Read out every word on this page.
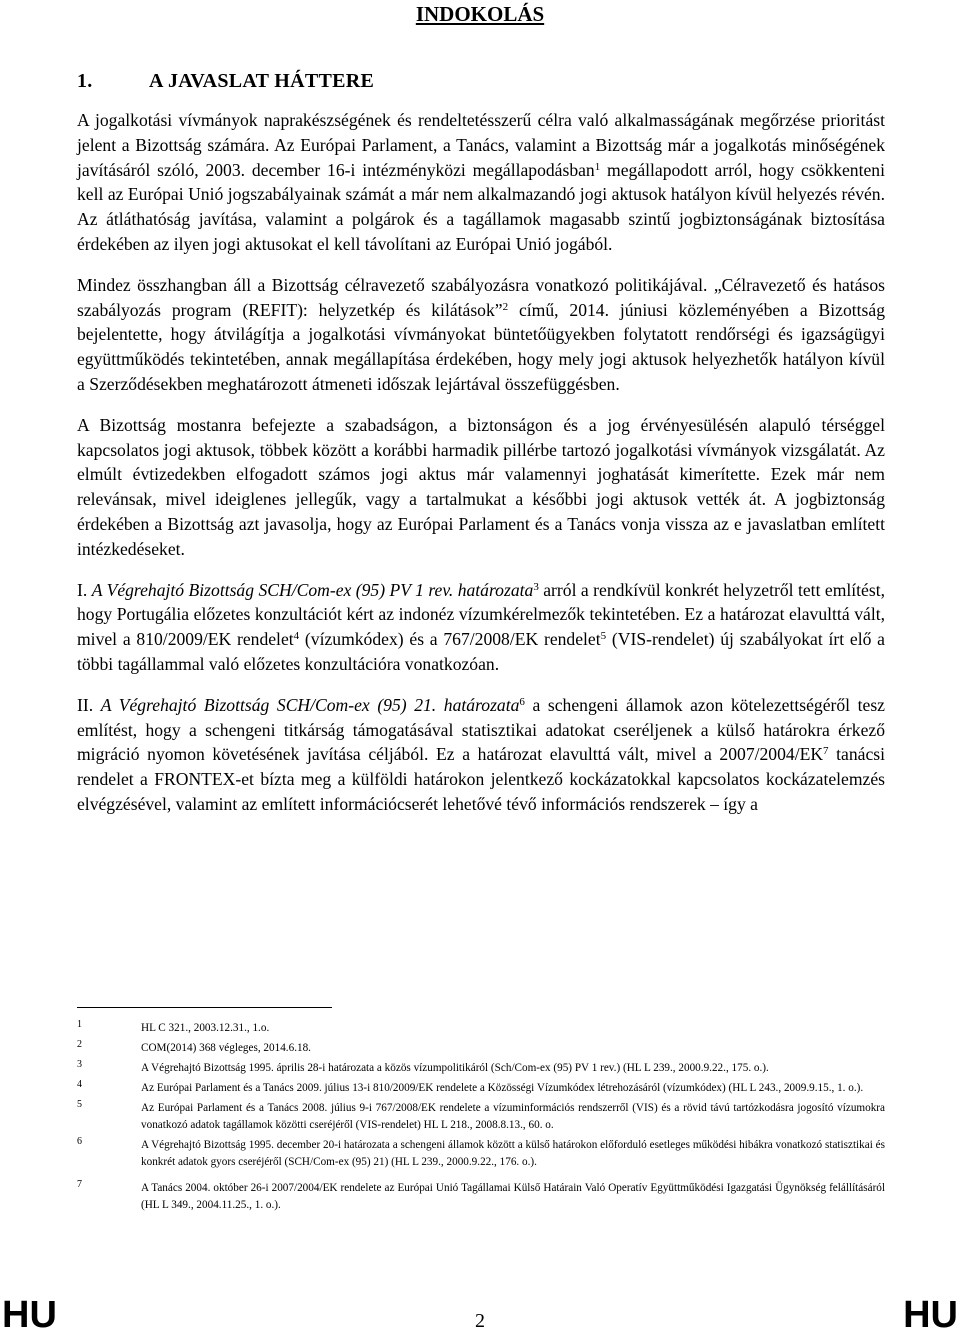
INDOKOLÁS
1.	A JAVASLAT HÁTTERE

A jogalkotási vívmányok naprakészségének és rendeltetésszerű célra való alkalmasságának megőrzése prioritást jelent a Bizottság számára. Az Európai Parlament, a Tanács, valamint a Bizottság már a jogalkotás minőségének javításáról szóló, 2003. december 16-i intézményközi megállapodásban$^1$ megállapodott arról, hogy csökkenteni kell az Európai Unió jogszabályainak számát a már nem alkalmazandó jogi aktusok hatályon kívül helyezés révén. Az átláthatóság javítása, valamint a polgárok és a tagállamok magasabb szintű jogbiztonságának biztosítása érdekében az ilyen jogi aktusokat el kell távolítani az Európai Unió jogából.

Mindez összhangban áll a Bizottság célravezető szabályozásra vonatkozó politikájával. „Célravezető és hatásos szabályozás program (REFIT): helyzetkép és kilátások”$^2$ című, 2014. júniusi közleményében a Bizottság bejelentette, hogy átvilágítja a jogalkotási vívmányokat büntetőügyekben folytatott rendőrségi és igazságügyi együttműködés tekintetében, annak megállapítása érdekében, hogy mely jogi aktusok helyezhetők hatályon kívül a Szerződésekben meghatározott átmeneti időszak lejártával összefüggésben.

A Bizottság mostanra befejezte a szabadságon, a biztonságon és a jog érvényesülésén alapuló térséggel kapcsolatos jogi aktusok, többek között a korábbi harmadik pillérbe tartozó jogalkotási vívmányok vizsgálatát. Az elmúlt évtizedekben elfogadott számos jogi aktus már valamennyi joghatását kimerítette. Ezek már nem relevánsak, mivel ideiglenes jellegűk, vagy a tartalmukat a későbbi jogi aktusok vették át. A jogbiztonság érdekében a Bizottság azt javasolja, hogy az Európai Parlament és a Tanács vonja vissza az e javaslatban említett intézkedéseket.

I. A Végrehajtó Bizottság SCH/Com-ex (95) PV 1 rev. határozata$^3$ arról a rendkívül konkrét helyzetről tett említést, hogy Portugália előzetes konzultációt kért az indonéz vízumkérelmezők tekintetében. Ez a határozat elavulttá vált, mivel a 810/2009/EK rendelet$^4$ (vízumkódex) és a 767/2008/EK rendelet$^5$ (VIS-rendelet) új szabályokat írt elő a többi tagállammal való előzetes konzultációra vonatkozóan.

II. A Végrehajtó Bizottság SCH/Com-ex (95) 21. határozata$^6$ a schengeni államok azon kötelezettségéről tesz említést, hogy a schengeni titkárság támogatásával statisztikai adatokat cseréljenek a külső határokra érkező migráció nyomon követésének javítása céljából. Ez a határozat elavulttá vált, mivel a $2007/2004/EK^7$ tanácsi rendelet a FRONTEX-et bízta meg a külföldi határokon jelentkező kockázatokkal kapcsolatos kockázatelemzés elvégzésével, valamint az említett információcserét lehetővé tévő információs rendszerek – így a

1	HL C 321., 2003.12.31., 1.o.
2	COM(2014) 368 végleges, 2014.6.18.
3	A Végrehajtó Bizottság 1995. április 28-i határozata a közös vízumpolitikáról (Sch/Com-ex (95) PV 1 rev.) (HL L 239., 2000.9.22., 175. o.).
4	Az Európai Parlament és a Tanács 2009. július 13-i 810/2009/EK rendelete a Közösségi Vízumkódex létrehozásáról (vízumkódex) (HL L 243., 2009.9.15., 1. o.).
5	Az Európai Parlament és a Tanács 2008. július 9-i 767/2008/EK rendelete a vízuminformációs rendszerről (VIS) és a rövid távú tartózkodásra jogosító vízumokra vonatkozó adatok tagállamok közötti cseréjéről (VIS-rendelet) HL L 218., 2008.8.13., 60. o.
6	A Végrehajtó Bizottság 1995. december 20-i határozata a schengeni államok között a külső határokon előforduló esetleges működési hibákra vonatkozó statisztikai és konkrét adatok gyors cseréjéről (SCH/Com-ex (95) 21) (HL L 239., 2000.9.22., 176. o.).
7	A Tanács 2004. október 26-i 2007/2004/EK rendelete az Európai Unió Tagállamai Külső Határain Való Operatív Együttműködési Igazgatási Ügynökség felállításáról (HL L 349., 2004.11.25., 1. o.).
HU	2	HU
